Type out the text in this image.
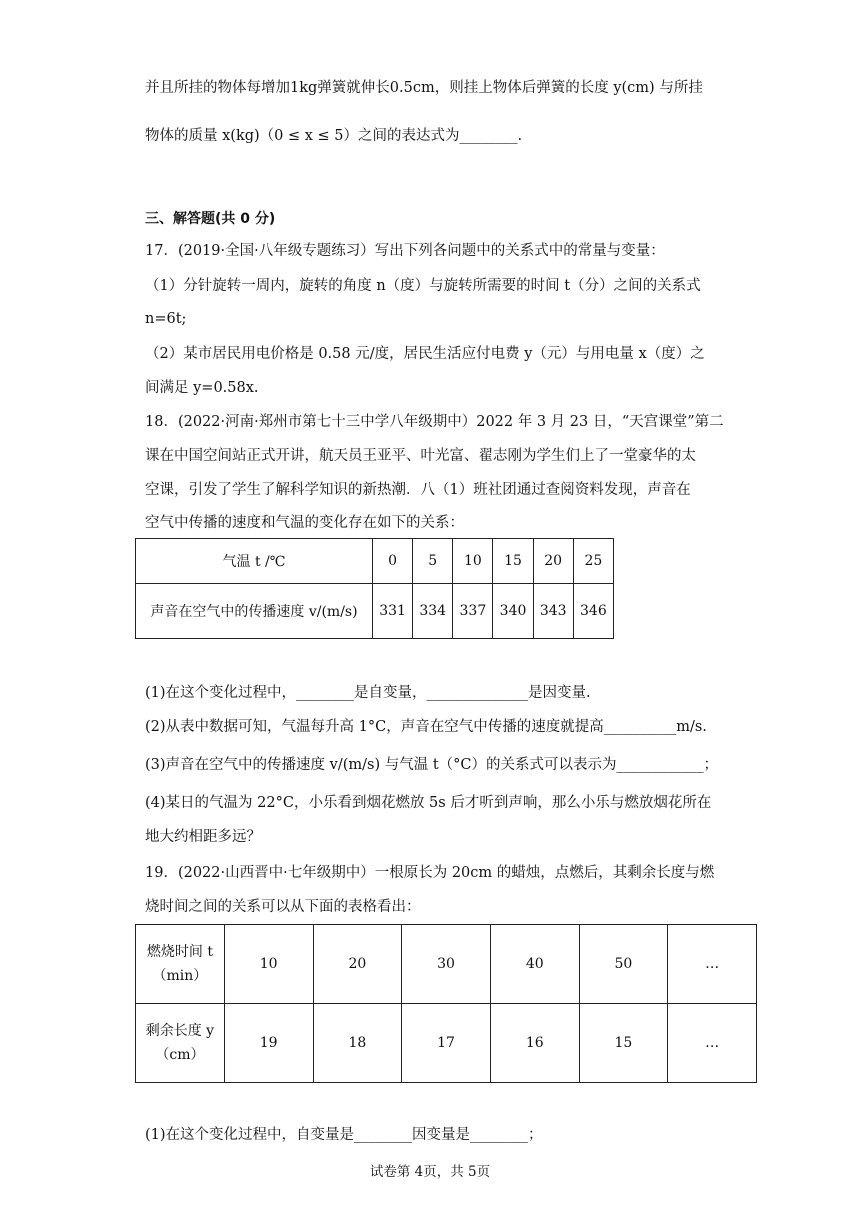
并且所挂的物体每增加1kg弹簧就伸长0.5cm，则挂上物体后弹簧的长度 y(cm) 与所挂
物体的质量 x(kg)（0 ≤ x ≤ 5）之间的表达式为________.
三、解答题(共 0 分)
17．(2019·全国·八年级专题练习）写出下列各问题中的关系式中的常量与变量：
（1）分针旋转一周内，旋转的角度 n（度）与旋转所需要的时间 t（分）之间的关系式
n=6t;
（2）某市居民用电价格是 0.58 元/度，居民生活应付电费 y（元）与用电量 x（度）之
间满足 y=0.58x.
18．(2022·河南·郑州市第七十三中学八年级期中）2022 年 3 月 23 日，“天宫课堂”第二
课在中国空间站正式开讲，航天员王亚平、叶光富、翟志刚为学生们上了一堂豪华的太
空课，引发了学生了解科学知识的新热潮．八（1）班社团通过查阅资料发现，声音在
空气中传播的速度和气温的变化存在如下的关系：
气温 t /℃	0	5	10	15	20	25
声音在空气中的传播速度 v/(m/s)	331	334	337	340	343	346
(1)在这个变化过程中，________是自变量，______________是因变量.
(2)从表中数据可知，气温每升高 1°C，声音在空气中传播的速度就提高__________m/s.
(3)声音在空气中的传播速度 v/(m/s) 与气温 t（°C）的关系式可以表示为____________；
(4)某日的气温为 22°C，小乐看到烟花燃放 5s 后才听到声响，那么小乐与燃放烟花所在
地大约相距多远？
19．(2022·山西晋中·七年级期中）一根原长为 20cm 的蜡烛，点燃后，其剩余长度与燃
烧时间之间的关系可以从下面的表格看出：
燃烧时间 t
（min）	10	20	30	40	50	…

剩余长度 y
（cm）	19	18	17	16	15	…
(1)在这个变化过程中，自变量是________因变量是________；
试卷第 4页，共 5页
